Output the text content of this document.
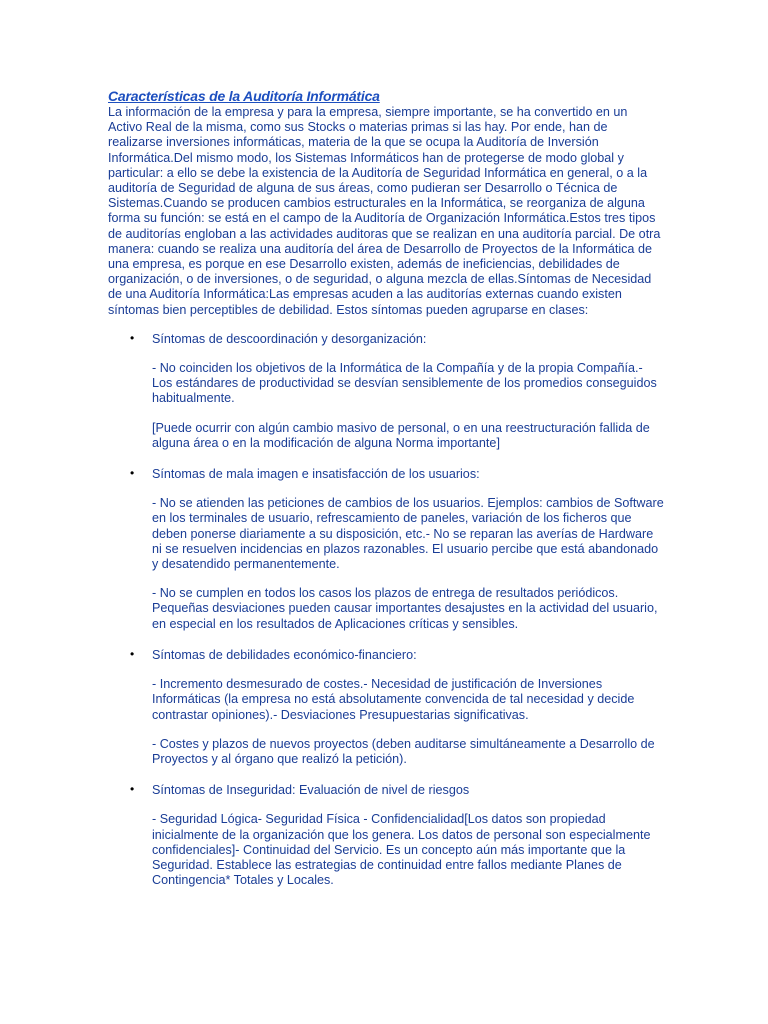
Características de la Auditoría Informática

La información de la empresa y para la empresa, siempre importante, se ha convertido en un Activo Real de la misma, como sus Stocks o materias primas si las hay. Por ende, han de realizarse inversiones informáticas, materia de la que se ocupa la Auditoría de Inversión Informática.Del mismo modo, los Sistemas Informáticos han de protegerse de modo global y particular: a ello se debe la existencia de la Auditoría de Seguridad Informática en general, o a la auditoría de Seguridad de alguna de sus áreas, como pudieran ser Desarrollo o Técnica de Sistemas.Cuando se producen cambios estructurales en la Informática, se reorganiza de alguna forma su función: se está en el campo de la Auditoría de Organización Informática.Estos tres tipos de auditorías engloban a las actividades auditoras que se realizan en una auditoría parcial. De otra manera: cuando se realiza una auditoría del área de Desarrollo de Proyectos de la Informática de una empresa, es porque en ese Desarrollo existen, además de ineficiencias, debilidades de organización, o de inversiones, o de seguridad, o alguna mezcla de ellas.Síntomas de Necesidad de una Auditoría Informática:Las empresas acuden a las auditorías externas cuando existen síntomas bien perceptibles de debilidad. Estos síntomas pueden agruparse en clases:

• Síntomas de descoordinación y desorganización:

- No coinciden los objetivos de la Informática de la Compañía y de la propia Compañía.- Los estándares de productividad se desvían sensiblemente de los promedios conseguidos habitualmente.

[Puede ocurrir con algún cambio masivo de personal, o en una reestructuración fallida de alguna área o en la modificación de alguna Norma importante]

• Síntomas de mala imagen e insatisfacción de los usuarios:

- No se atienden las peticiones de cambios de los usuarios. Ejemplos: cambios de Software en los terminales de usuario, refrescamiento de paneles, variación de los ficheros que deben ponerse diariamente a su disposición, etc.- No se reparan las averías de Hardware ni se resuelven incidencias en plazos razonables. El usuario percibe que está abandonado y desatendido permanentemente.

- No se cumplen en todos los casos los plazos de entrega de resultados periódicos. Pequeñas desviaciones pueden causar importantes desajustes en la actividad del usuario, en especial en los resultados de Aplicaciones críticas y sensibles.

• Síntomas de debilidades económico-financiero:

- Incremento desmesurado de costes.- Necesidad de justificación de Inversiones Informáticas (la empresa no está absolutamente convencida de tal necesidad y decide contrastar opiniones).- Desviaciones Presupuestarias significativas.

- Costes y plazos de nuevos proyectos (deben auditarse simultáneamente a Desarrollo de Proyectos y al órgano que realizó la petición).

• Síntomas de Inseguridad: Evaluación de nivel de riesgos

- Seguridad Lógica- Seguridad Física - Confidencialidad[Los datos son propiedad inicialmente de la organización que los genera. Los datos de personal son especialmente confidenciales]- Continuidad del Servicio. Es un concepto aún más importante que la Seguridad. Establece las estrategias de continuidad entre fallos mediante Planes de Contingencia* Totales y Locales.
